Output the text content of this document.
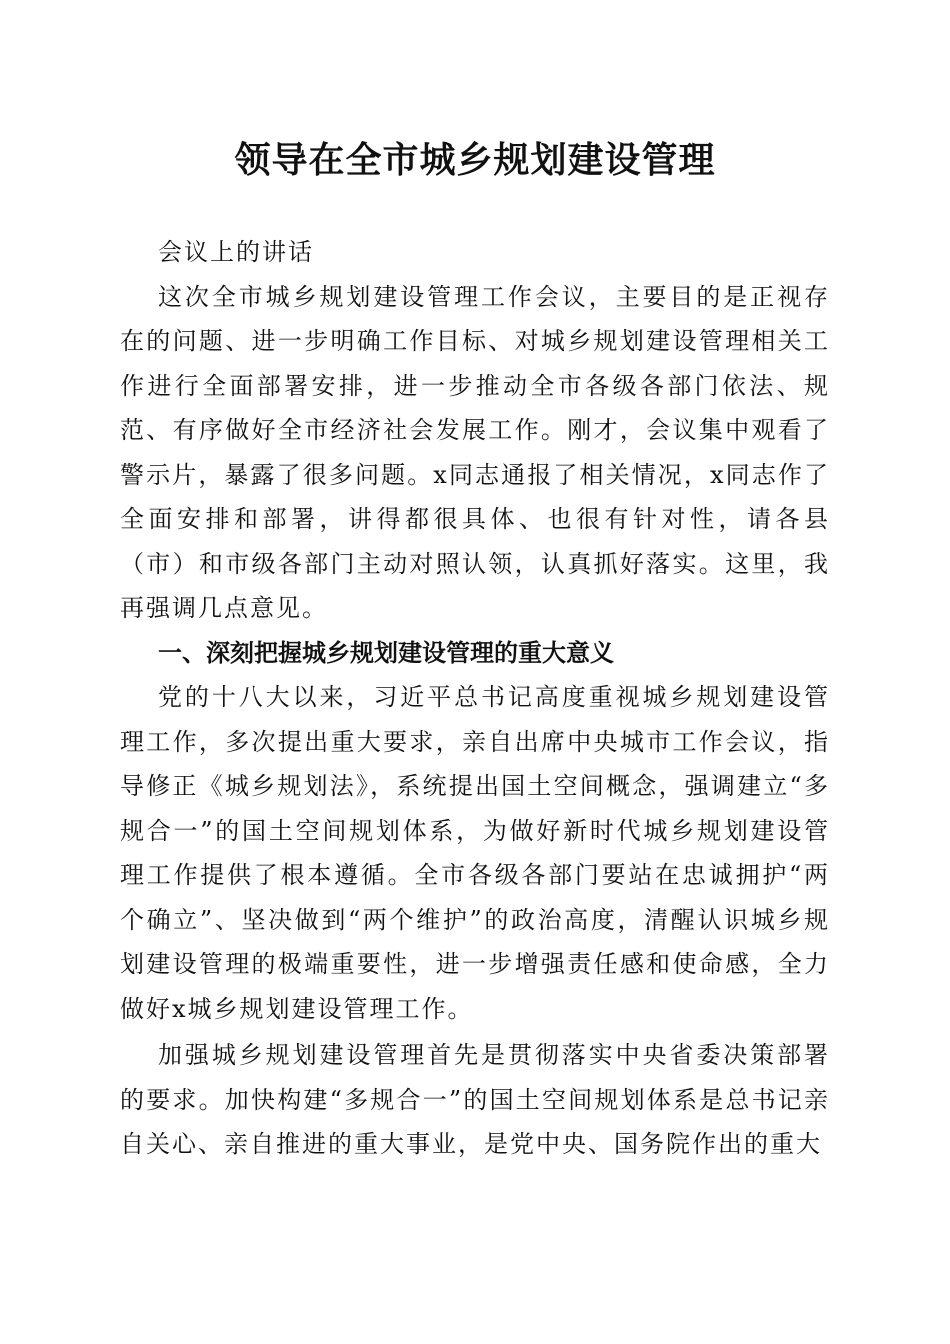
领导在全市城乡规划建设管理

会议上的讲话

这次全市城乡规划建设管理工作会议，主要目的是正视存在的问题、进一步明确工作目标、对城乡规划建设管理相关工作进行全面部署安排，进一步推动全市各级各部门依法、规范、有序做好全市经济社会发展工作。刚才，会议集中观看了警示片，暴露了很多问题。x同志通报了相关情况，x同志作了全面安排和部署，讲得都很具体、也很有针对性，请各县（市）和市级各部门主动对照认领，认真抓好落实。这里，我再强调几点意见。

一、深刻把握城乡规划建设管理的重大意义

党的十八大以来，习近平总书记高度重视城乡规划建设管理工作，多次提出重大要求，亲自出席中央城市工作会议，指导修正《城乡规划法》，系统提出国土空间概念，强调建立“多规合一”的国土空间规划体系，为做好新时代城乡规划建设管理工作提供了根本遵循。全市各级各部门要站在忠诚拥护“两个确立”、坚决做到“两个维护”的政治高度，清醒认识城乡规划建设管理的极端重要性，进一步增强责任感和使命感，全力做好x城乡规划建设管理工作。

加强城乡规划建设管理首先是贯彻落实中央省委决策部署的要求。加快构建“多规合一”的国土空间规划体系是总书记亲自关心、亲自推进的重大事业，是党中央、国务院作出的重大
